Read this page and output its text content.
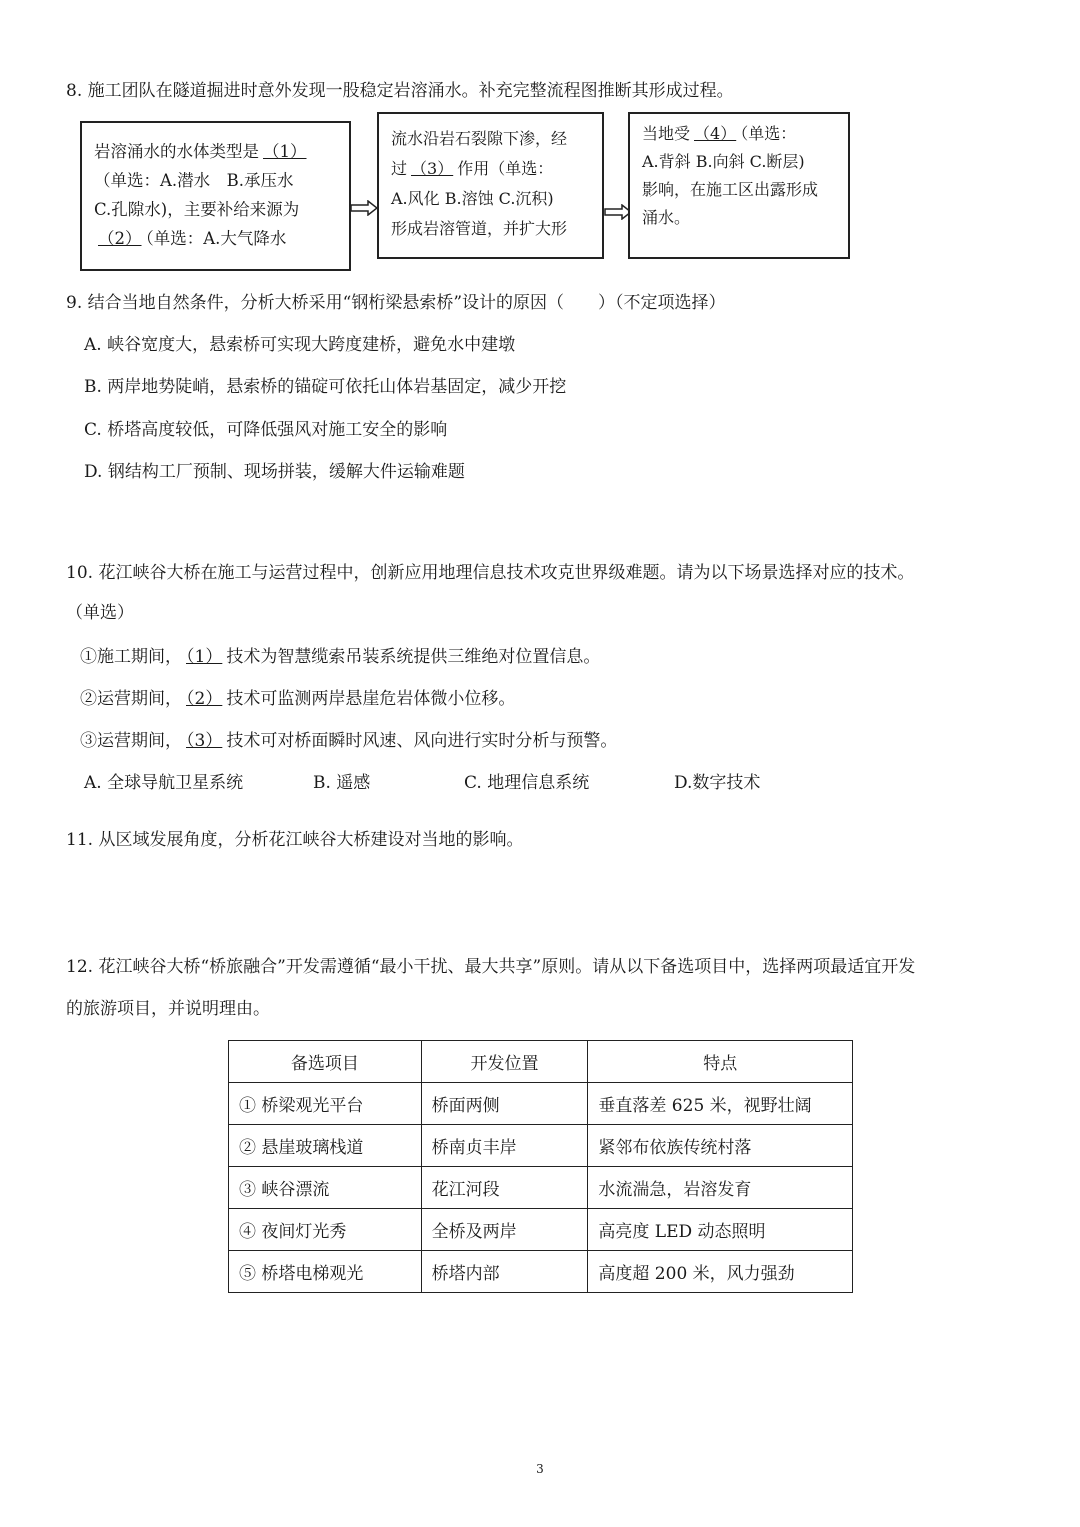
8. 施工团队在隧道掘进时意外发现一股稳定岩溶涌水。补充完整流程图推断其形成过程。
岩溶涌水的水体类型是 （1）
（单选：A.潜水　B.承压水
C.孔隙水)，主要补给来源为
（2） （单选：A.大气降水
流水沿岩石裂隙下渗，经
过 （3） 作用（单选：
A.风化 B.溶蚀 C.沉积)
形成岩溶管道，并扩大形
当地受 （4） （单选：
A.背斜 B.向斜 C.断层)
影响，在施工区出露形成
涌水。
9. 结合当地自然条件，分析大桥采用“钢桁梁悬索桥”设计的原因（　　）（不定项选择）
A. 峡谷宽度大，悬索桥可实现大跨度建桥，避免水中建墩
B. 两岸地势陡峭，悬索桥的锚碇可依托山体岩基固定，减少开挖
C. 桥塔高度较低，可降低强风对施工安全的影响
D. 钢结构工厂预制、现场拼装，缓解大件运输难题
10. 花江峡谷大桥在施工与运营过程中，创新应用地理信息技术攻克世界级难题。请为以下场景选择对应的技术。
（单选）
①施工期间， （1） 技术为智慧缆索吊装系统提供三维绝对位置信息。
②运营期间， （2） 技术可监测两岸悬崖危岩体微小位移。
③运营期间， （3） 技术可对桥面瞬时风速、风向进行实时分析与预警。
A. 全球导航卫星系统	B. 遥感	C. 地理信息系统	D.数字技术
11. 从区域发展角度，分析花江峡谷大桥建设对当地的影响。
12. 花江峡谷大桥“桥旅融合”开发需遵循“最小干扰、最大共享”原则。请从以下备选项目中，选择两项最适宜开发
的旅游项目，并说明理由。
备选项目	开发位置	特点
① 桥梁观光平台	桥面两侧	垂直落差 625 米，视野壮阔
② 悬崖玻璃栈道	桥南贞丰岸	紧邻布依族传统村落
③ 峡谷漂流	花江河段	水流湍急，岩溶发育
④ 夜间灯光秀	全桥及两岸	高亮度 LED 动态照明
⑤ 桥塔电梯观光	桥塔内部	高度超 200 米，风力强劲
3
